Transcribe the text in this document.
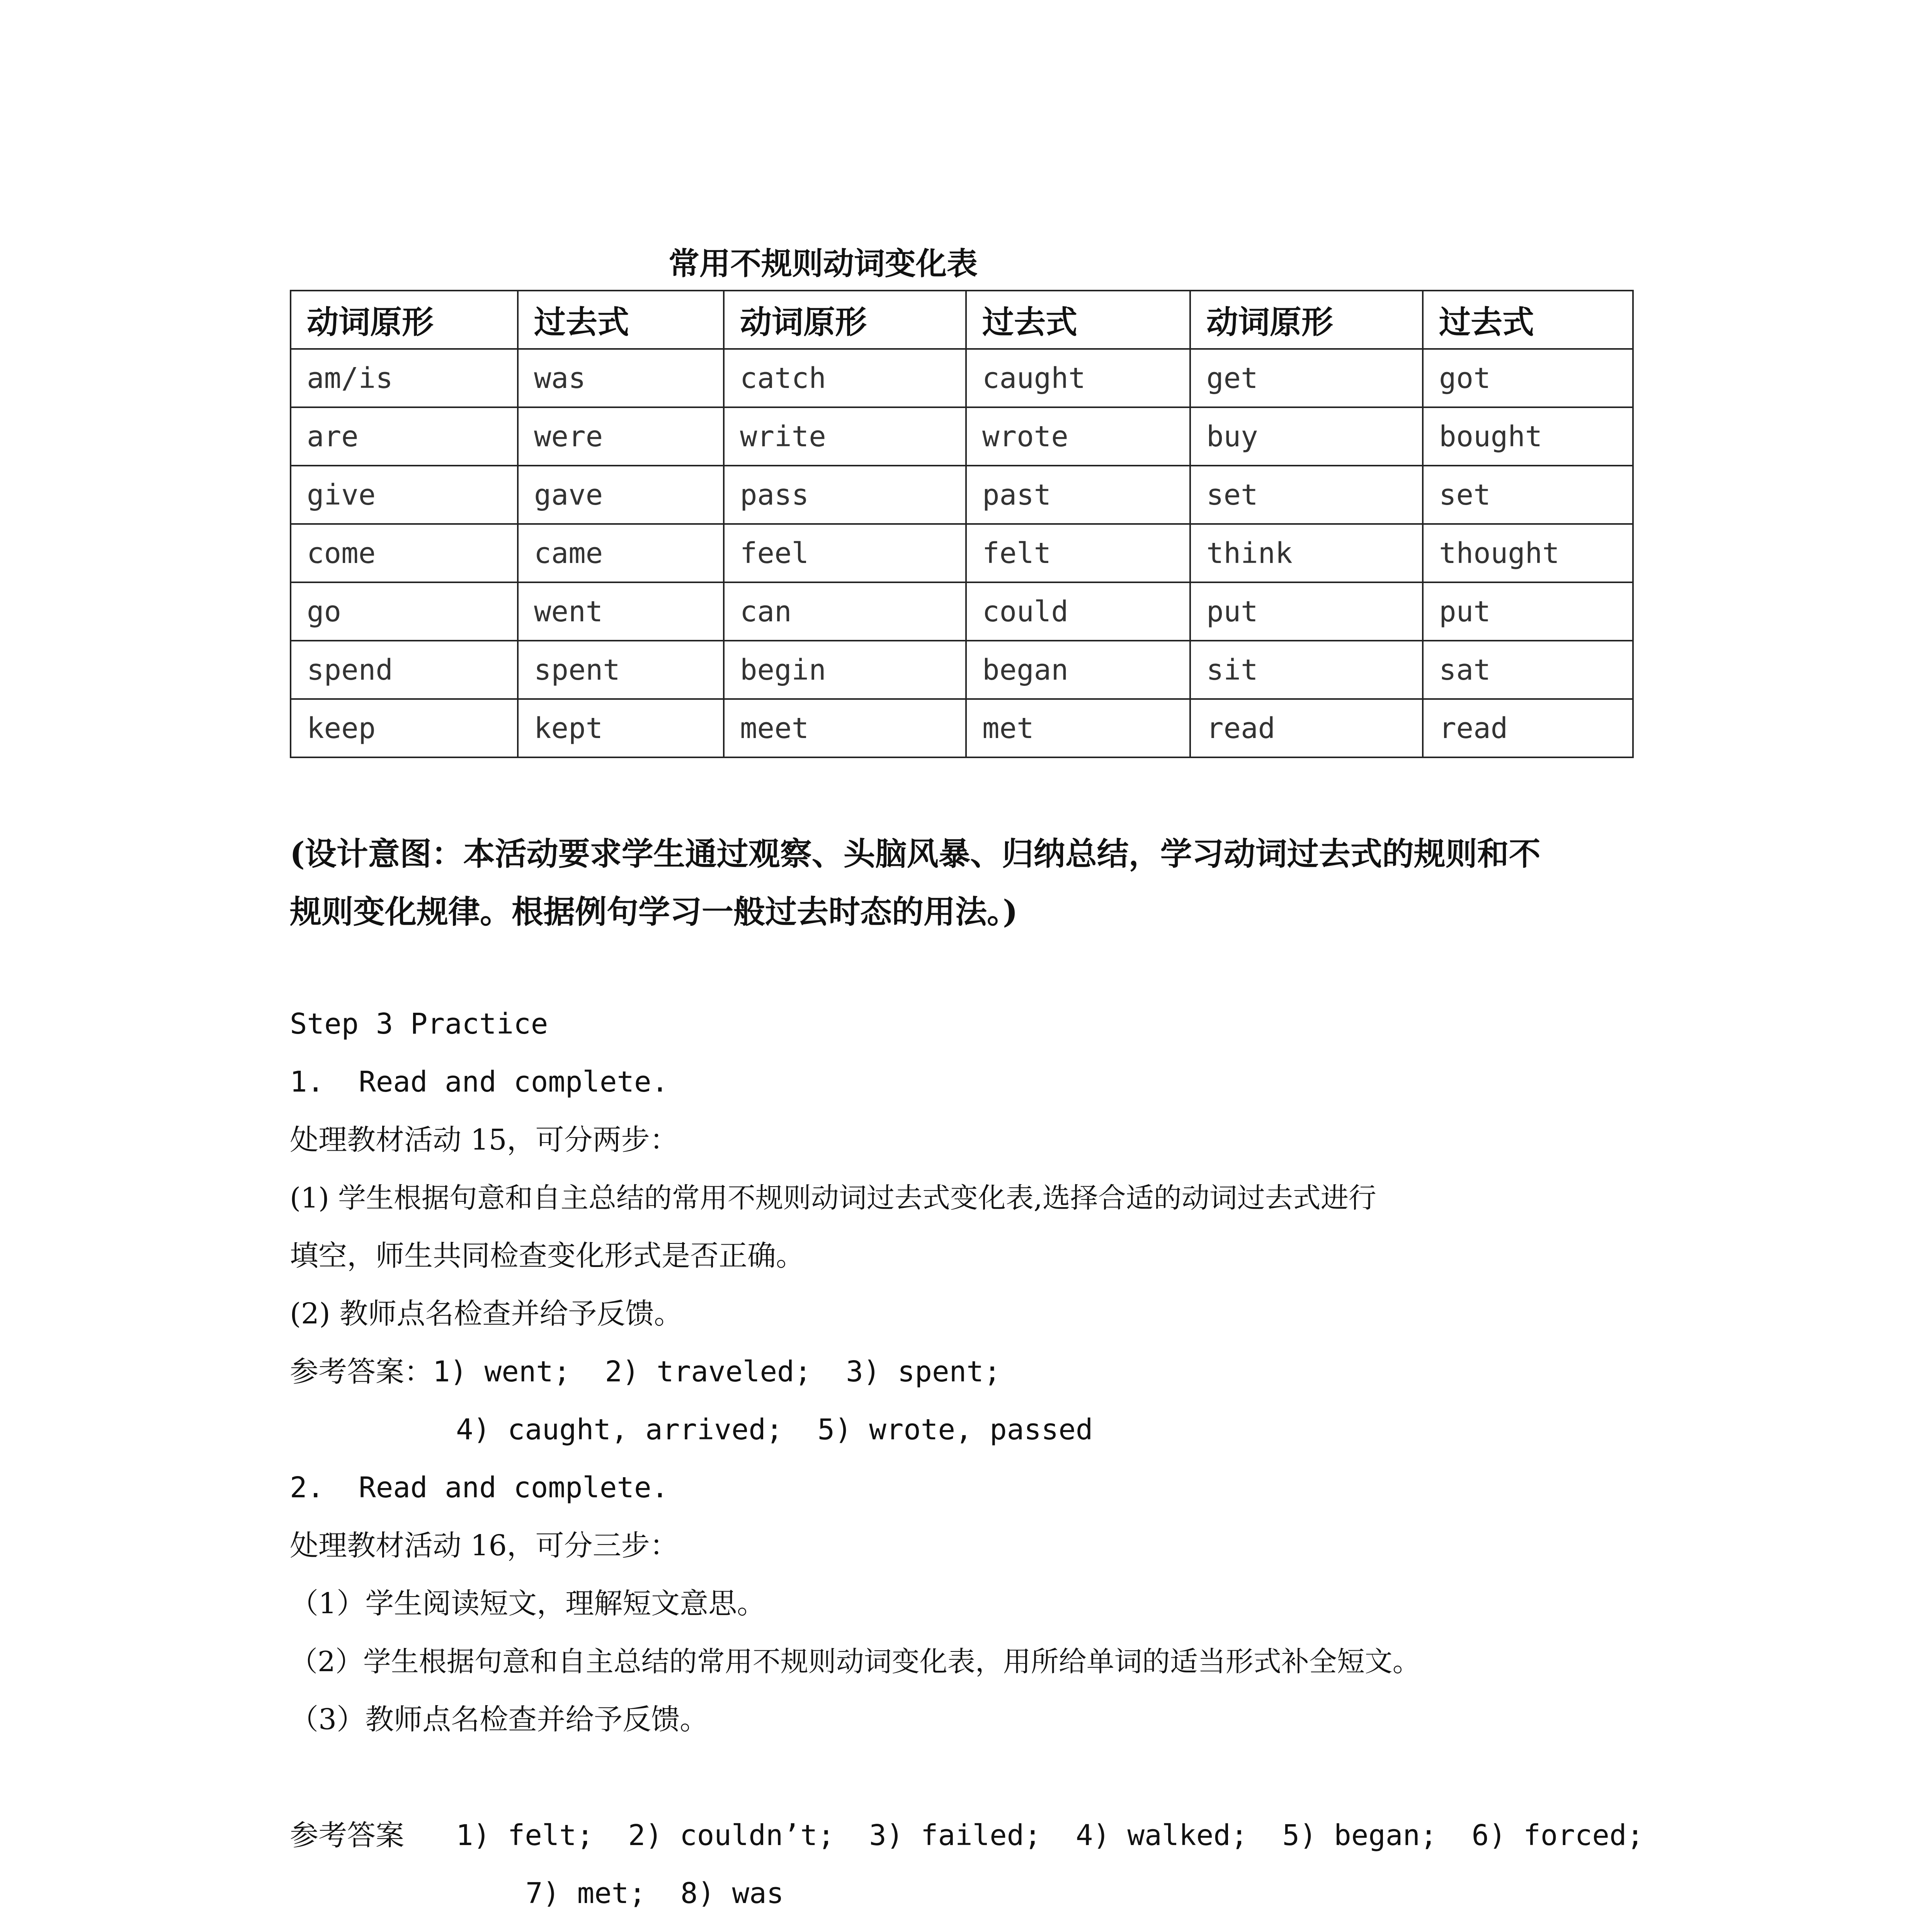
常用不规则动词变化表
动词原形	过去式	动词原形	过去式	动词原形	过去式
am/is	was	catch	caught	get	got
are	were	write	wrote	buy	bought
give	gave	pass	past	set	set
come	came	feel	felt	think	thought
go	went	can	could	put	put
spend	spent	begin	began	sit	sat
keep	kept	meet	met	read	read
(设计意图：本活动要求学生通过观察、头脑风暴、归纳总结，学习动词过去式的规则和不
规则变化规律。根据例句学习一般过去时态的用法。)
Step 3 Practice
1.  Read and complete.
处理教材活动 15，可分两步：
(1) 学生根据句意和自主总结的常用不规则动词过去式变化表,选择合适的动词过去式进行
填空，师生共同检查变化形式是否正确。
(2) 教师点名检查并给予反馈。
参考答案：1) went;  2) traveled;  3) spent;
4) caught, arrived;  5) wrote, passed
2.  Read and complete.
处理教材活动 16，可分三步：
（1）学生阅读短文，理解短文意思。
（2）学生根据句意和自主总结的常用不规则动词变化表，用所给单词的适当形式补全短文。
（3）教师点名检查并给予反馈。
参考答案 1) felt;  2) couldn’t;  3) failed;  4) walked;  5) began;  6) forced;
7) met;  8) was
